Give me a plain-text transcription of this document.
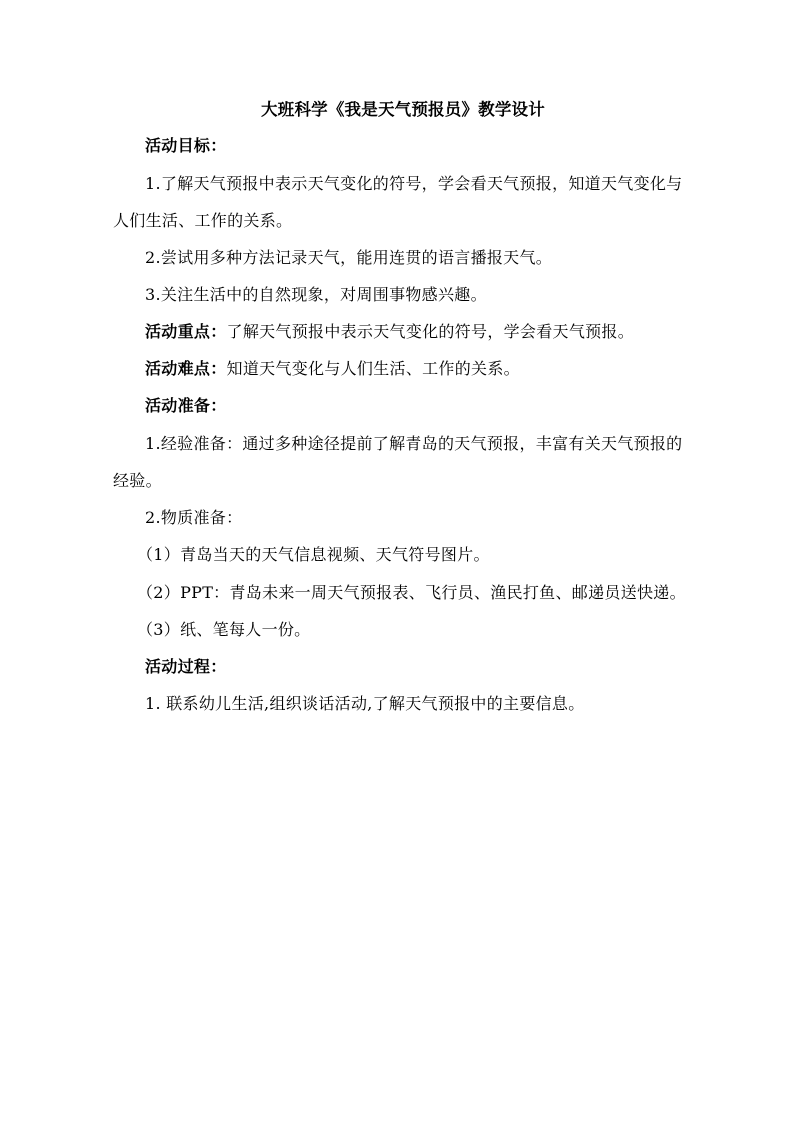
大班科学《我是天气预报员》教学设计
活动目标：
1.了解天气预报中表示天气变化的符号，学会看天气预报，知道天气变化与人们生活、工作的关系。
2.尝试用多种方法记录天气，能用连贯的语言播报天气。
3.关注生活中的自然现象，对周围事物感兴趣。
活动重点：了解天气预报中表示天气变化的符号，学会看天气预报。
活动难点：知道天气变化与人们生活、工作的关系。
活动准备：
1.经验准备：通过多种途径提前了解青岛的天气预报，丰富有关天气预报的经验。
2.物质准备：
（1）青岛当天的天气信息视频、天气符号图片。
（2）PPT：青岛未来一周天气预报表、飞行员、渔民打鱼、邮递员送快递。
（3）纸、笔每人一份。
活动过程：
1. 联系幼儿生活,组织谈话活动,了解天气预报中的主要信息。
